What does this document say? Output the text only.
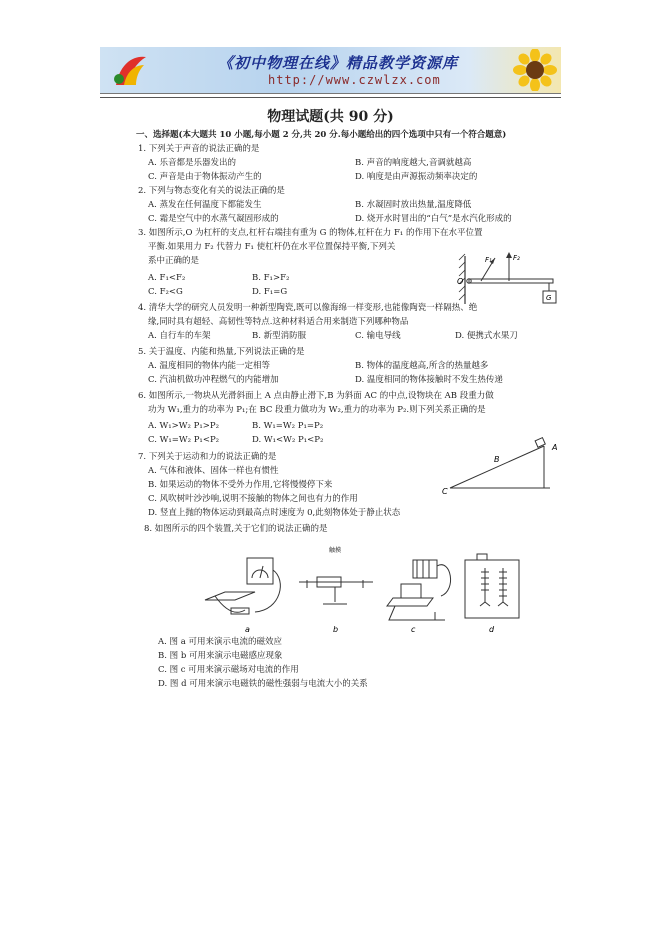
《初中物理在线》精品教学资源库
http://www.czwlzx.com
物理试题(共 90 分)
一、选择题(本大题共 10 小题,每小题 2 分,共 20 分.每小题给出的四个选项中只有一个符合题意)
1. 下列关于声音的说法正确的是
A. 乐音都是乐器发出的	B. 声音的响度越大,音调就越高
C. 声音是由于物体振动产生的	D. 响度是由声源振动频率决定的
2. 下列与物态变化有关的说法正确的是
A. 蒸发在任何温度下都能发生	B. 水凝固时放出热量,温度降低
C. 霜是空气中的水蒸气凝固形成的	D. 烧开水时冒出的“白气”是水汽化形成的
3. 如图所示,O 为杠杆的支点,杠杆右端挂有重为 G 的物体,杠杆在力 F₁ 的作用下在水平位置
平衡.如果用力 F₂ 代替力 F₁ 使杠杆仍在水平位置保持平衡,下列关
系中正确的是
A. F₁<F₂	B. F₁>F₂
C. F₂<G	D. F₁=G
O
F₁	F₂
G
4. 清华大学的研究人员发明一种新型陶瓷,既可以像海绵一样变形,也能像陶瓷一样隔热、绝
缘,同时具有超轻、高韧性等特点.这种材料适合用来制造下列哪种物品
A. 自行车的车架	B. 新型消防服	C. 输电导线	D. 便携式水果刀
5. 关于温度、内能和热量,下列说法正确的是
A. 温度相同的物体内能一定相等	B. 物体的温度越高,所含的热量越多
C. 汽油机做功冲程燃气的内能增加	D. 温度相同的物体接触时不发生热传递
6. 如图所示,一物块从光滑斜面上 A 点由静止滑下,B 为斜面 AC 的中点,设物块在 AB 段重力做
功为 W₁,重力的功率为 P₁;在 BC 段重力做功为 W₂,重力的功率为 P₂.则下列关系正确的是
A. W₁>W₂ P₁>P₂	B. W₁=W₂ P₁=P₂
C. W₁=W₂ P₁<P₂	D. W₁<W₂ P₁<P₂
A
B
C
7. 下列关于运动和力的说法正确的是
A. 气体和液体、固体一样也有惯性
B. 如果运动的物体不受外力作用,它将慢慢停下来
C. 风吹树叶沙沙响,说明不接触的物体之间也有力的作用
D. 竖直上抛的物体运动到最高点时速度为 0,此刻物体处于静止状态
8. 如图所示的四个装置,关于它们的说法正确的是
触摸
a	b	c	d
A. 图 a 可用来演示电流的磁效应
B. 图 b 可用来演示电磁感应现象
C. 图 c 可用来演示磁场对电流的作用
D. 图 d 可用来演示电磁铁的磁性强弱与电流大小的关系
